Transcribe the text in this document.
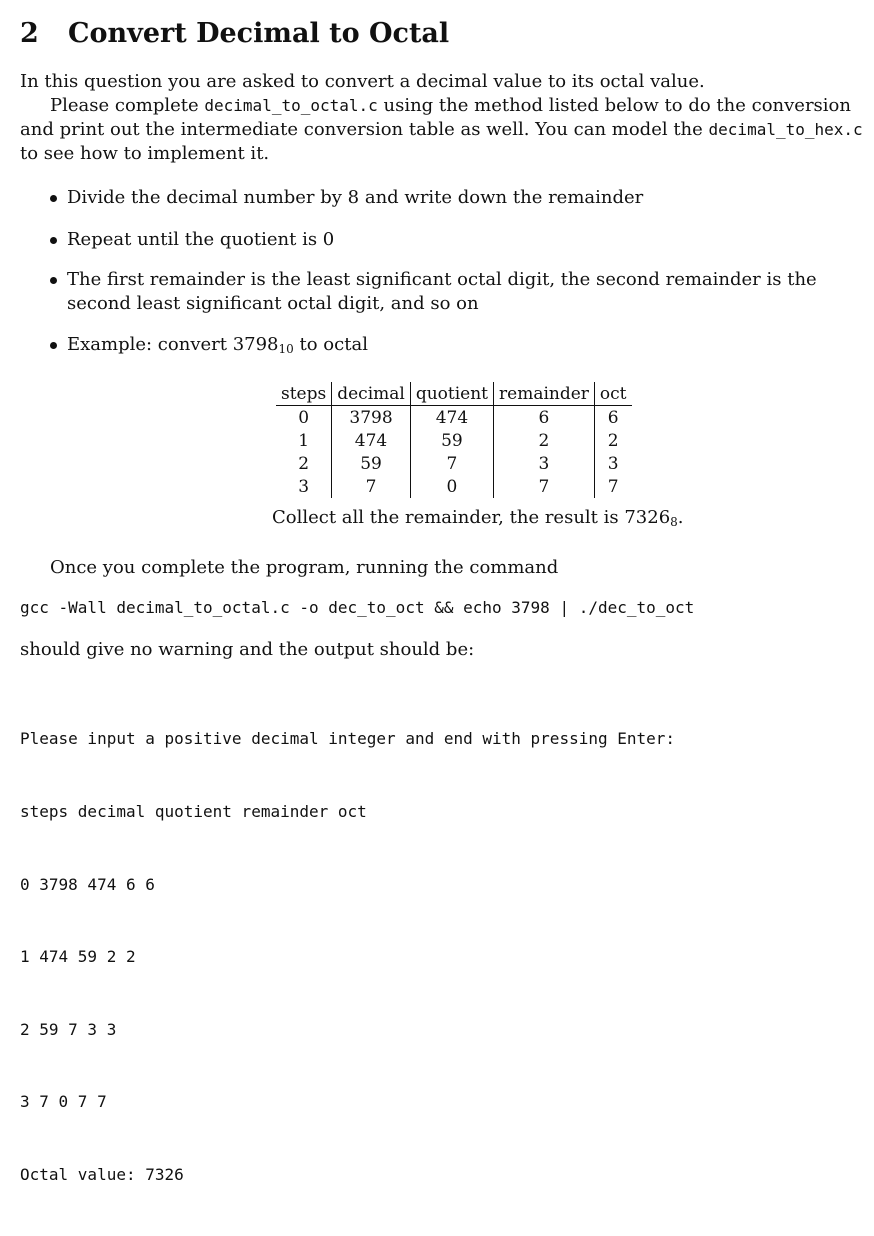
2 Convert Decimal to Octal
In this question you are asked to convert a decimal value to its octal value.
Please complete decimal_to_octal.c using the method listed below to do the conversion and print out the intermediate conversion table as well. You can model the decimal_to_hex.c to see how to implement it.
Divide the decimal number by 8 and write down the remainder
Repeat until the quotient is 0
The first remainder is the least significant octal digit, the second remainder is the second least significant octal digit, and so on
Example: convert $3798_{10}$ to octal
steps	decimal	quotient	remainder	oct
0	3798	474	6	6
1	474	59	2	2
2	59	7	3	3
3	7	0	7	7
Collect all the remainder, the result is $7326_8$.
Once you complete the program, running the command
gcc -Wall decimal_to_octal.c -o dec_to_oct && echo 3798 | ./dec_to_oct
should give no warning and the output should be:

Please input a positive decimal integer and end with pressing Enter:

steps decimal quotient remainder oct

0 3798 474 6 6

1 474 59 2 2

2 59 7 3 3

3 7 0 7 7

Octal value: 7326
